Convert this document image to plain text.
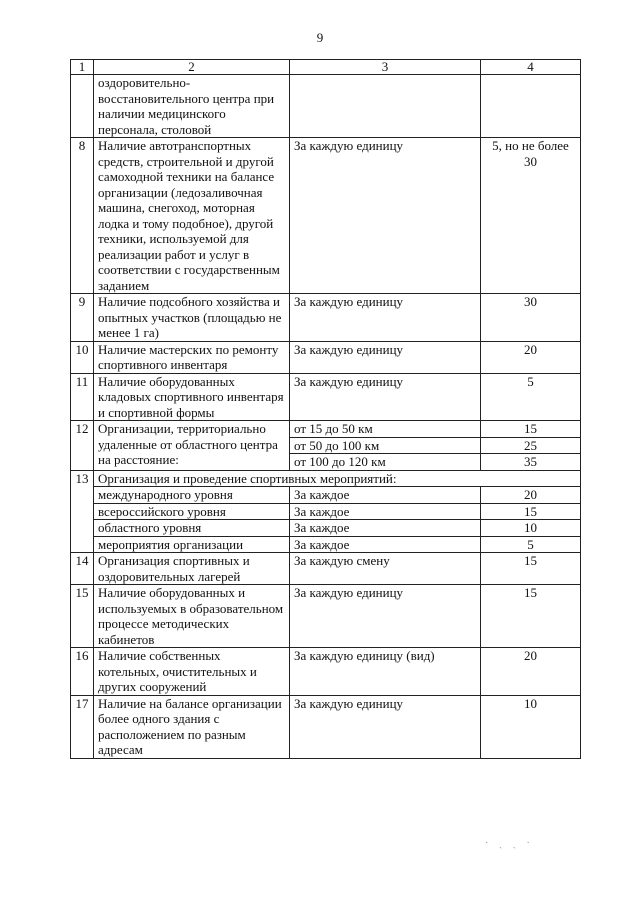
9
1	2	3	4
	оздоровительно-восстановительного центра при наличии медицинского персонала, столовой		
8	Наличие автотранспортных средств, строительной и другой самоходной техники на балансе организации (ледозаливочная машина, снегоход, моторная лодка и тому подобное), другой техники, используемой для реализации работ и услуг в соответствии с государственным заданием	За каждую единицу	5, но не более 30
9	Наличие подсобного хозяйства и опытных участков (площадью не менее 1 га)	За каждую единицу	30
10	Наличие мастерских по ремонту спортивного инвентаря	За каждую единицу	20
11	Наличие оборудованных кладовых спортивного инвентаря и спортивной формы	За каждую единицу	5
12	Организации, территориально удаленные от областного центра на расстояние:	от 15 до 50 км	15
		от 50 до 100 км	25
		от 100 до 120 км	35
13	Организация и проведение спортивных мероприятий:		
	международного уровня	За каждое	20
	всероссийского уровня	За каждое	15
	областного уровня	За каждое	10
	мероприятия организации	За каждое	5
14	Организация спортивных и оздоровительных лагерей	За каждую смену	15
15	Наличие оборудованных и используемых в образовательном процессе методических кабинетов	За каждую единицу	15
16	Наличие собственных котельных, очистительных и других сооружений	За каждую единицу (вид)	20
17	Наличие на балансе организации более одного здания с расположением по разным адресам	За каждую единицу	10
· ˎ ˏ ·
